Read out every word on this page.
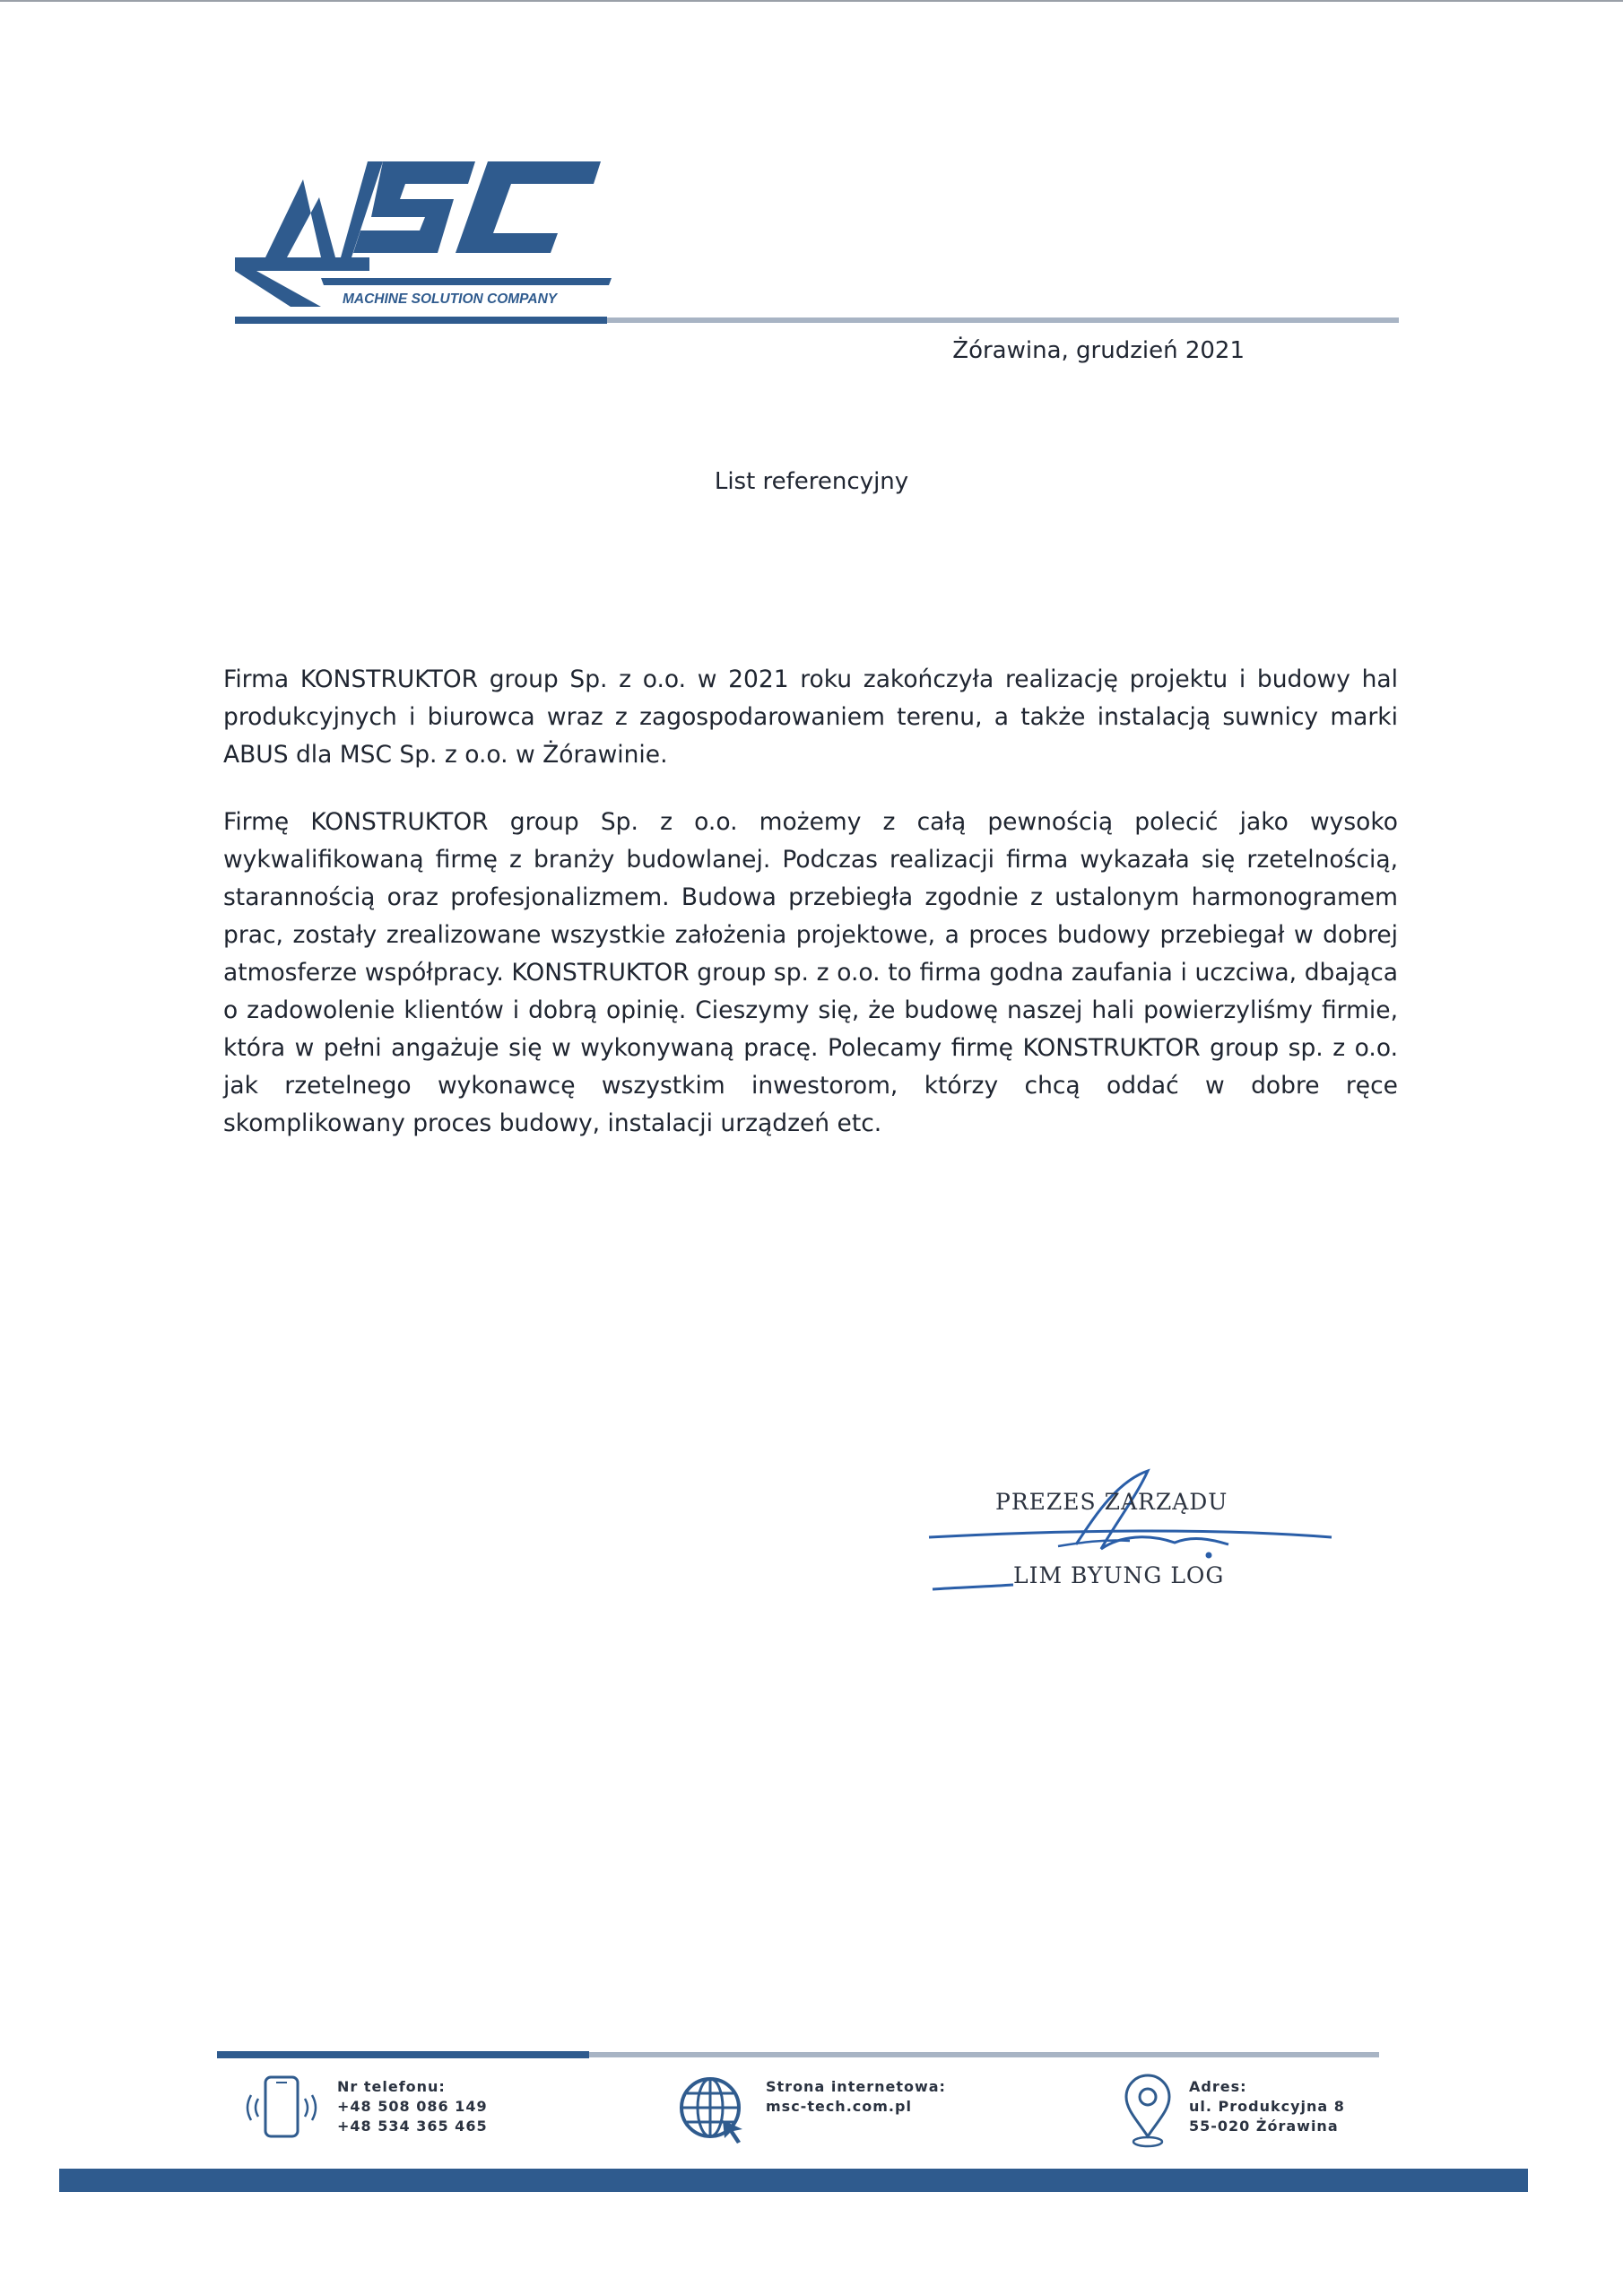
MACHINE SOLUTION COMPANY
Żórawina, grudzień 2021
List referencyjny

Firma KONSTRUKTOR group Sp. z o.o. w 2021 roku zakończyła realizację projektu i budowy hal produkcyjnych i biurowca wraz z zagospodarowaniem terenu, a także instalacją suwnicy marki ABUS dla MSC Sp. z o.o. w Żórawinie.

Firmę KONSTRUKTOR group Sp. z o.o. możemy z całą pewnością polecić jako wysoko wykwalifikowaną firmę z branży budowlanej. Podczas realizacji firma wykazała się rzetelnością, starannością oraz profesjonalizmem. Budowa przebiegła zgodnie z ustalonym harmonogramem prac, zostały zrealizowane wszystkie założenia projektowe, a proces budowy przebiegał w dobrej atmosferze współpracy. KONSTRUKTOR group sp. z o.o. to firma godna zaufania i uczciwa, dbająca o zadowolenie klientów i dobrą opinię. Cieszymy się, że budowę naszej hali powierzyliśmy firmie, która w pełni angażuje się w wykonywaną pracę. Polecamy firmę KONSTRUKTOR group sp. z o.o. jak rzetelnego wykonawcę wszystkim inwestorom, którzy chcą oddać w dobre ręce skomplikowany proces budowy, instalacji urządzeń etc.

PREZES ZARZĄDU
LIM BYUNG LOG
Nr telefonu:
+48 508 086 149
+48 534 365 465
Strona internetowa:
msc-tech.com.pl
Adres:
ul. Produkcyjna 8
55-020 Żórawina
